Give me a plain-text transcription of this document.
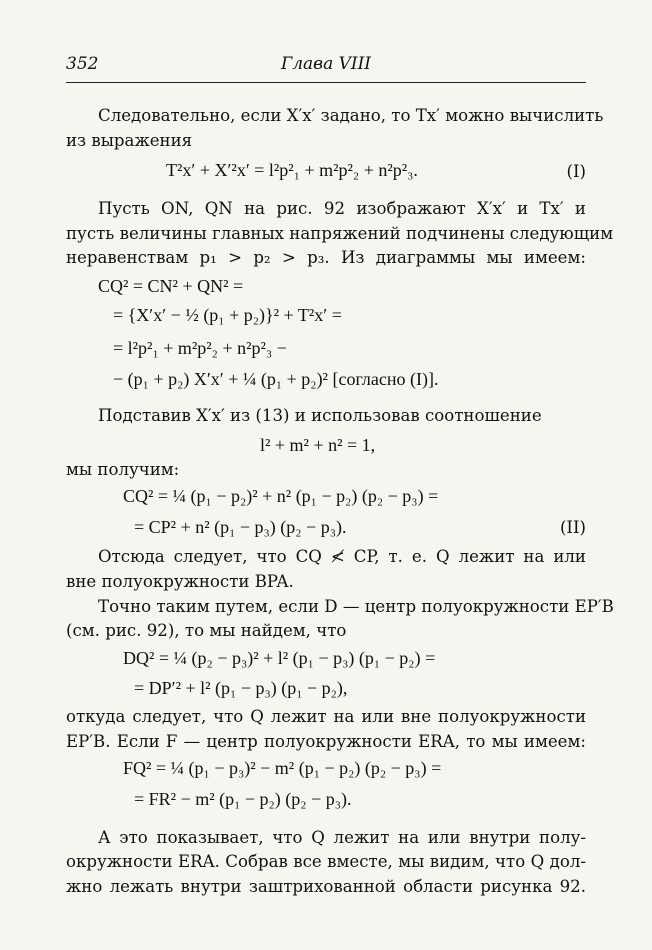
352	Глава VIII
Следовательно, если X′x′ задано, то Tx′ можно вычислить
из выражения
T²x′ + X′²x′ = l²p²₁ + m²p²₂ + n²p²₃.	(I)
Пусть ON, QN на рис. 92 изображают X′x′ и Tx′ и
пусть величины главных напряжений подчинены следующим
неравенствам p₁ > p₂ > p₃. Из диаграммы мы имеем:
CQ² = CN² + QN² =
= {X′x′ − ½ (p₁ + p₂)}² + T²x′ =
= l²p²₁ + m²p²₂ + n²p²₃ −
− (p₁ + p₂) X′x′ + ¼ (p₁ + p₂)² [согласно (I)].
Подставив X′x′ из (13) и использовав соотношение
l² + m² + n² = 1,
мы получим:
CQ² = ¼ (p₁ − p₂)² + n² (p₁ − p₂) (p₂ − p₃) =
= CP² + n² (p₁ − p₃) (p₂ − p₃).	(II)
Отсюда следует, что CQ ≮ CP, т. е. Q лежит на или
вне полуокружности BPA.
Точно таким путем, если D — центр полуокружности EP′B
(см. рис. 92), то мы найдем, что
DQ² = ¼ (p₂ − p₃)² + l² (p₁ − p₃) (p₁ − p₂) =
= DP′² + l² (p₁ − p₃) (p₁ − p₂),
откуда следует, что Q лежит на или вне полуокружности
EP′B. Если F — центр полуокружности ERA, то мы имеем:
FQ² = ¼ (p₁ − p₃)² − m² (p₁ − p₂) (p₂ − p₃) =
= FR² − m² (p₁ − p₂) (p₂ − p₃).
А это показывает, что Q лежит на или внутри полу-
окружности ERA. Собрав все вместе, мы видим, что Q дол-
жно лежать внутри заштрихованной области рисунка 92.
